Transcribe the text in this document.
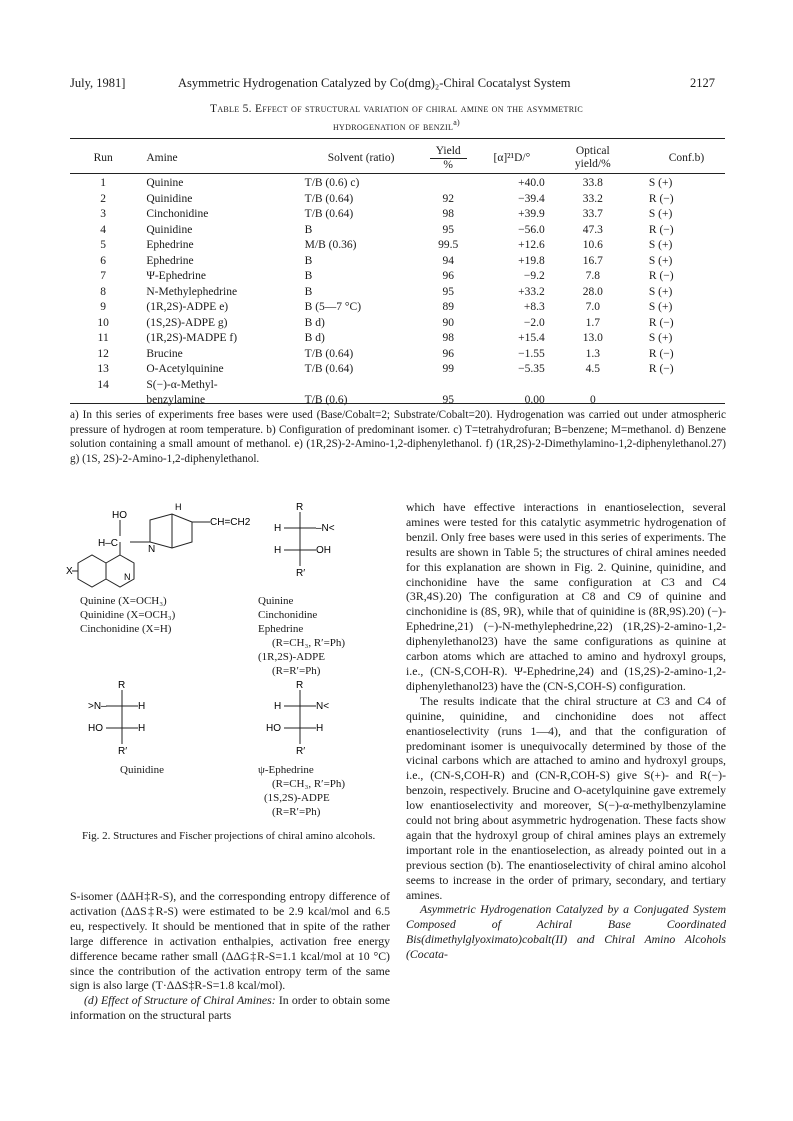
July, 1981]	Asymmetric Hydrogenation Catalyzed by Co(dmg)₂-Chiral Cocatalyst System	2127
Table 5. Effect of structural variation of chiral amine on the asymmetric
hydrogenation of benzil$^{a)}$
Run	Amine	Solvent (ratio)	Yield
%	[α]²¹D/°	Optical yield/%	Conf.b)
1	Quinine	T/B (0.6) c)		+40.0	33.8	S (+)
2	Quinidine	T/B (0.64)	92	−39.4	33.2	R (−)
3	Cinchonidine	T/B (0.64)	98	+39.9	33.7	S (+)
4	Quinidine	B	95	−56.0	47.3	R (−)
5	Ephedrine	M/B (0.36)	99.5	+12.6	10.6	S (+)
6	Ephedrine	B	94	+19.8	16.7	S (+)
7	Ψ-Ephedrine	B	96	−9.2	7.8	R (−)
8	N-Methylephedrine	B	95	+33.2	28.0	S (+)
9	(1R,2S)-ADPE e)	B (5—7 °C)	89	+8.3	7.0	S (+)
10	(1S,2S)-ADPE g)	B d)	90	−2.0	1.7	R (−)
11	(1R,2S)-MADPE f)	B d)	98	+15.4	13.0	S (+)
12	Brucine	T/B (0.64)	96	−1.55	1.3	R (−)
13	O-Acetylquinine	T/B (0.64)	99	−5.35	4.5	R (−)
14	S(−)-α-Methyl-					
	benzylamine	T/B (0.6)	95	0.00	0	
a) In this series of experiments free bases were used (Base/Cobalt=2; Substrate/Cobalt=20). Hydrogenation was carried out under atmospheric pressure of hydrogen at room temperature. b) Configuration of predominant isomer. c) T=tetrahydrofuran; B=benzene; M=methanol. d) Benzene solution containing a small amount of methanol. e) (1R,2S)-2-Amino-1,2-diphenylethanol. f) (1R,2S)-2-Dimethylamino-1,2-diphenylethanol.27) g) (1S, 2S)-2-Amino-1,2-diphenylethanol.
HO
H–C
H
CH=CH2
N
N
X
R
H	–N<
H	OH
R′
Quinine (X=OCH₃)
Quinidine (X=OCH₃)
Cinchonidine (X=H)
Quinine
Cinchonidine
Ephedrine
(R=CH₃, R′=Ph)
(1R,2S)-ADPE
(R=R′=Ph)
R
>N–	H
HO	H
R′
R
H	N<
HO	H
R′
Quinidine	ψ-Ephedrine
(R=CH₃, R′=Ph)
(1S,2S)-ADPE
(R=R′=Ph)
Fig. 2. Structures and Fischer projections of chiral amino alcohols.

S-isomer (ΔΔH‡R-S), and the corresponding entropy difference of activation (ΔΔS‡R-S) were estimated to be 2.9 kcal/mol and 6.5 eu, respectively. It should be mentioned that in spite of the rather large difference in activation enthalpies, activation free energy difference became rather small (ΔΔG‡R-S=1.1 kcal/mol at 10 °C) since the contribution of the activation entropy term of the same sign is also large (T·ΔΔS‡R-S=1.8 kcal/mol).

(d) Effect of Structure of Chiral Amines: In order to obtain some information on the structural parts

which have effective interactions in enantioselection, several amines were tested for this catalytic asymmetric hydrogenation of benzil. Only free bases were used in this series of experiments. The results are shown in Table 5; the structures of chiral amines needed for this explanation are shown in Fig. 2. Quinine, quinidine, and cinchonidine have the same configuration at C3 and C4 (3R,4S).20) The configuration at C8 and C9 of quinine and cinchonidine is (8S, 9R), while that of quinidine is (8R,9S).20) (−)-Ephedrine,21) (−)-N-methylephedrine,22) (1R,2S)-2-amino-1,2-diphenylethanol23) have the same configurations as quinine at carbon atoms which are attached to amino and hydroxyl groups, i.e., (CN-S,COH-R). Ψ-Ephedrine,24) and (1S,2S)-2-amino-1,2-diphenylethanol23) have the (CN-S,COH-S) configuration.

The results indicate that the chiral structure at C3 and C4 of quinine, quinidine, and cinchonidine does not affect enantioselectivity (runs 1—4), and that the configuration of predominant isomer is unequivocally determined by those of the vicinal carbons which are attached to amino and hydroxyl groups, i.e., (CN-S,COH-R) and (CN-R,COH-S) give S(+)- and R(−)-benzoin, respectively. Brucine and O-acetylquinine gave extremely low enantioselectivity and moreover, S(−)-α-methylbenzylamine could not bring about asymmetric hydrogenation. These facts show again that the hydroxyl group of chiral amines plays an extremely important role in the enantioselection, as already pointed out in a previous section (b). The enantioselectivity of chiral amino alcohol seems to increase in the order of primary, secondary, and tertiary amines.

Asymmetric Hydrogenation Catalyzed by a Conjugated System Composed of Achiral Base Coordinated Bis(dimethylglyoximato)cobalt(II) and Chiral Amino Alcohols (Cocata-
